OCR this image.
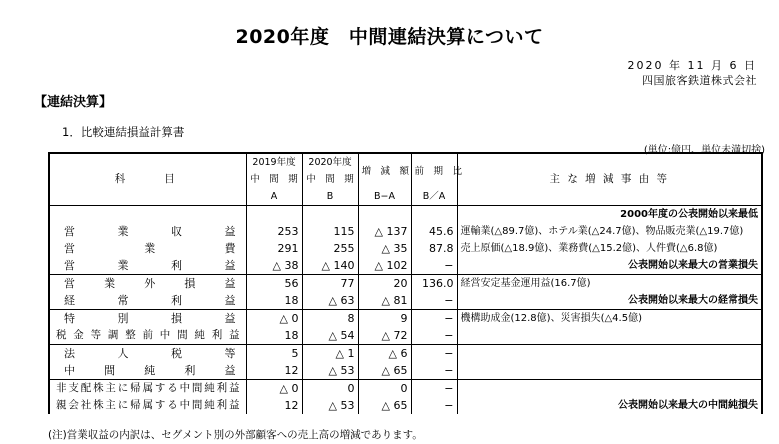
2020年度　中間連結決算について
2020 年 11 月 6 日
四国旅客鉄道株式会社
【連結決算】
1．比較連結損益計算書
(単位:億円、単位未満切捨)
科　　目	2019年度	2020年度	増　減　額	前　期　比	主 な 増 減 事 由 等
	中　間　期	中　間　期			
	A	B	B−A	B／A	
					2000年度の公表開始以来最低
営業収益	253	115	△ 137	45.6	運輸業(△89.7億)、ホテル業(△24.7億)、物品販売業(△19.7億)
営業費	291	255	△ 35	87.8	売上原価(△18.9億)、業務費(△15.2億)、人件費(△6.8億)
営業利益	△ 38	△ 140	△ 102	−	公表開始以来最大の営業損失
営業外損益	56	77	20	136.0	経営安定基金運用益(16.7億)
経常利益	18	△ 63	△ 81	−	公表開始以来最大の経常損失
特別損益	△ 0	8	9	−	機構助成金(12.8億)、災害損失(△4.5億)
税金等調整前中間純利益	18	△ 54	△ 72	−	
法人税等	5	△ 1	△ 6	−	
中間純利益	12	△ 53	△ 65	−	
非支配株主に帰属する中間純利益	△ 0	0	0	−	
親会社株主に帰属する中間純利益	12	△ 53	△ 65	−	公表開始以来最大の中間純損失
(注)営業収益の内訳は、セグメント別の外部顧客への売上高の増減であります。
